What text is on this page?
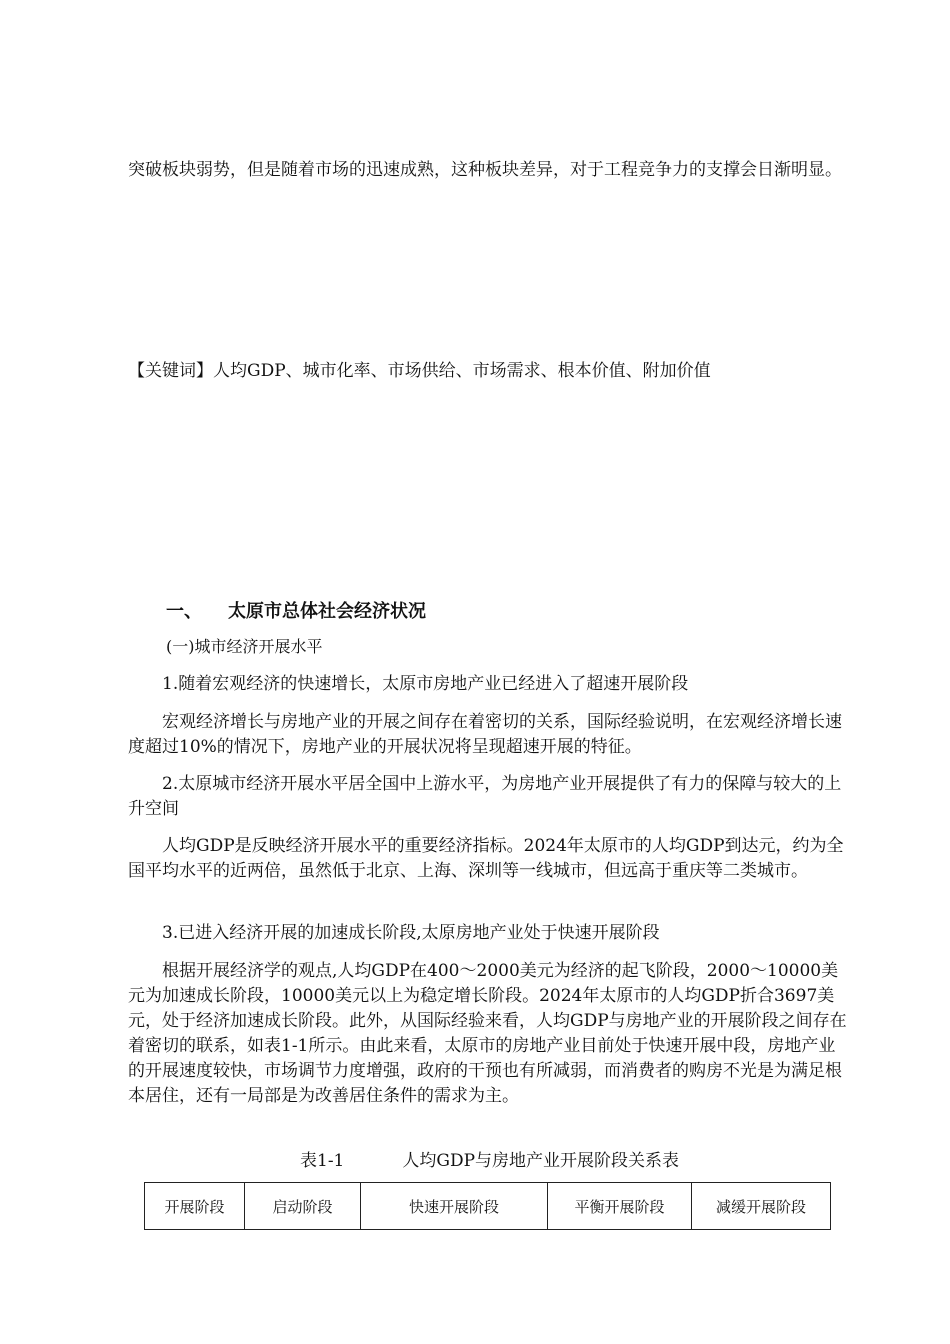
突破板块弱势，但是随着市场的迅速成熟，这种板块差异，对于工程竞争力的支撑会日渐明显。

【关键词】人均GDP、城市化率、市场供给、市场需求、根本价值、附加价值

一、 太原市总体社会经济状况

(一)城市经济开展水平

1.随着宏观经济的快速增长，太原市房地产业已经进入了超速开展阶段

宏观经济增长与房地产业的开展之间存在着密切的关系，国际经验说明，在宏观经济增长速度超过10%的情况下，房地产业的开展状况将呈现超速开展的特征。

2.太原城市经济开展水平居全国中上游水平，为房地产业开展提供了有力的保障与较大的上升空间

人均GDP是反映经济开展水平的重要经济指标。2024年太原市的人均GDP到达元，约为全国平均水平的近两倍，虽然低于北京、上海、深圳等一线城市，但远高于重庆等二类城市。

3.已进入经济开展的加速成长阶段,太原房地产业处于快速开展阶段

根据开展经济学的观点,人均GDP在400～2000美元为经济的起飞阶段，2000～10000美元为加速成长阶段，10000美元以上为稳定增长阶段。2024年太原市的人均GDP折合3697美元，处于经济加速成长阶段。此外，从国际经验来看，人均GDP与房地产业的开展阶段之间存在着密切的联系，如表1-1所示。由此来看，太原市的房地产业目前处于快速开展中段，房地产业的开展速度较快，市场调节力度增强，政府的干预也有所减弱，而消费者的购房不光是为满足根本居住，还有一局部是为改善居住条件的需求为主。

表1-1	人均GDP与房地产业开展阶段关系表
开展阶段	启动阶段	快速开展阶段	平衡开展阶段	减缓开展阶段
